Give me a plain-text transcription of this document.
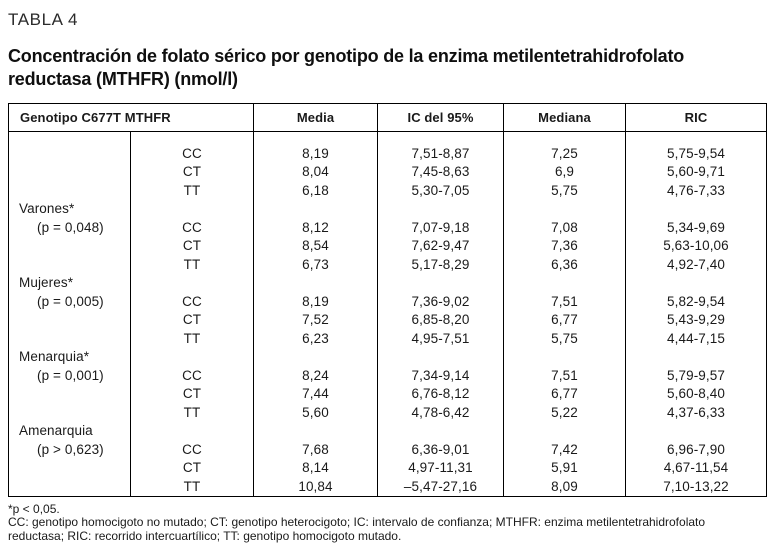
TABLA 4
Concentración de folato sérico por genotipo de la enzima metilentetrahidrofolato reductasa (MTHFR) (nmol/l)
Genotipo C677T MTHFR		Media	IC del 95%	Mediana	RIC

	CC	8,19	7,51-8,87	7,25	5,75-9,54
	CT	8,04	7,45-8,63	6,9	5,60-9,71
	TT	6,18	5,30-7,05	5,75	4,76-7,33
Varones*					
(p = 0,048)	CC	8,12	7,07-9,18	7,08	5,34-9,69
	CT	8,54	7,62-9,47	7,36	5,63-10,06
	TT	6,73	5,17-8,29	6,36	4,92-7,40
Mujeres*					
(p = 0,005)	CC	8,19	7,36-9,02	7,51	5,82-9,54
	CT	7,52	6,85-8,20	6,77	5,43-9,29
	TT	6,23	4,95-7,51	5,75	4,44-7,15
Menarquia*					
(p = 0,001)	CC	8,24	7,34-9,14	7,51	5,79-9,57
	CT	7,44	6,76-8,12	6,77	5,60-8,40
	TT	5,60	4,78-6,42	5,22	4,37-6,33
Amenarquia					
(p > 0,623)	CC	7,68	6,36-9,01	7,42	6,96-7,90
	CT	8,14	4,97-11,31	5,91	4,67-11,54
	TT	10,84	–5,47-27,16	8,09	7,10-13,22
*p < 0,05.
CC: genotipo homocigoto no mutado; CT: genotipo heterocigoto; IC: intervalo de confianza; MTHFR: enzima metilentetrahidrofolato reductasa; RIC: recorrido intercuartílico; TT: genotipo homocigoto mutado.
